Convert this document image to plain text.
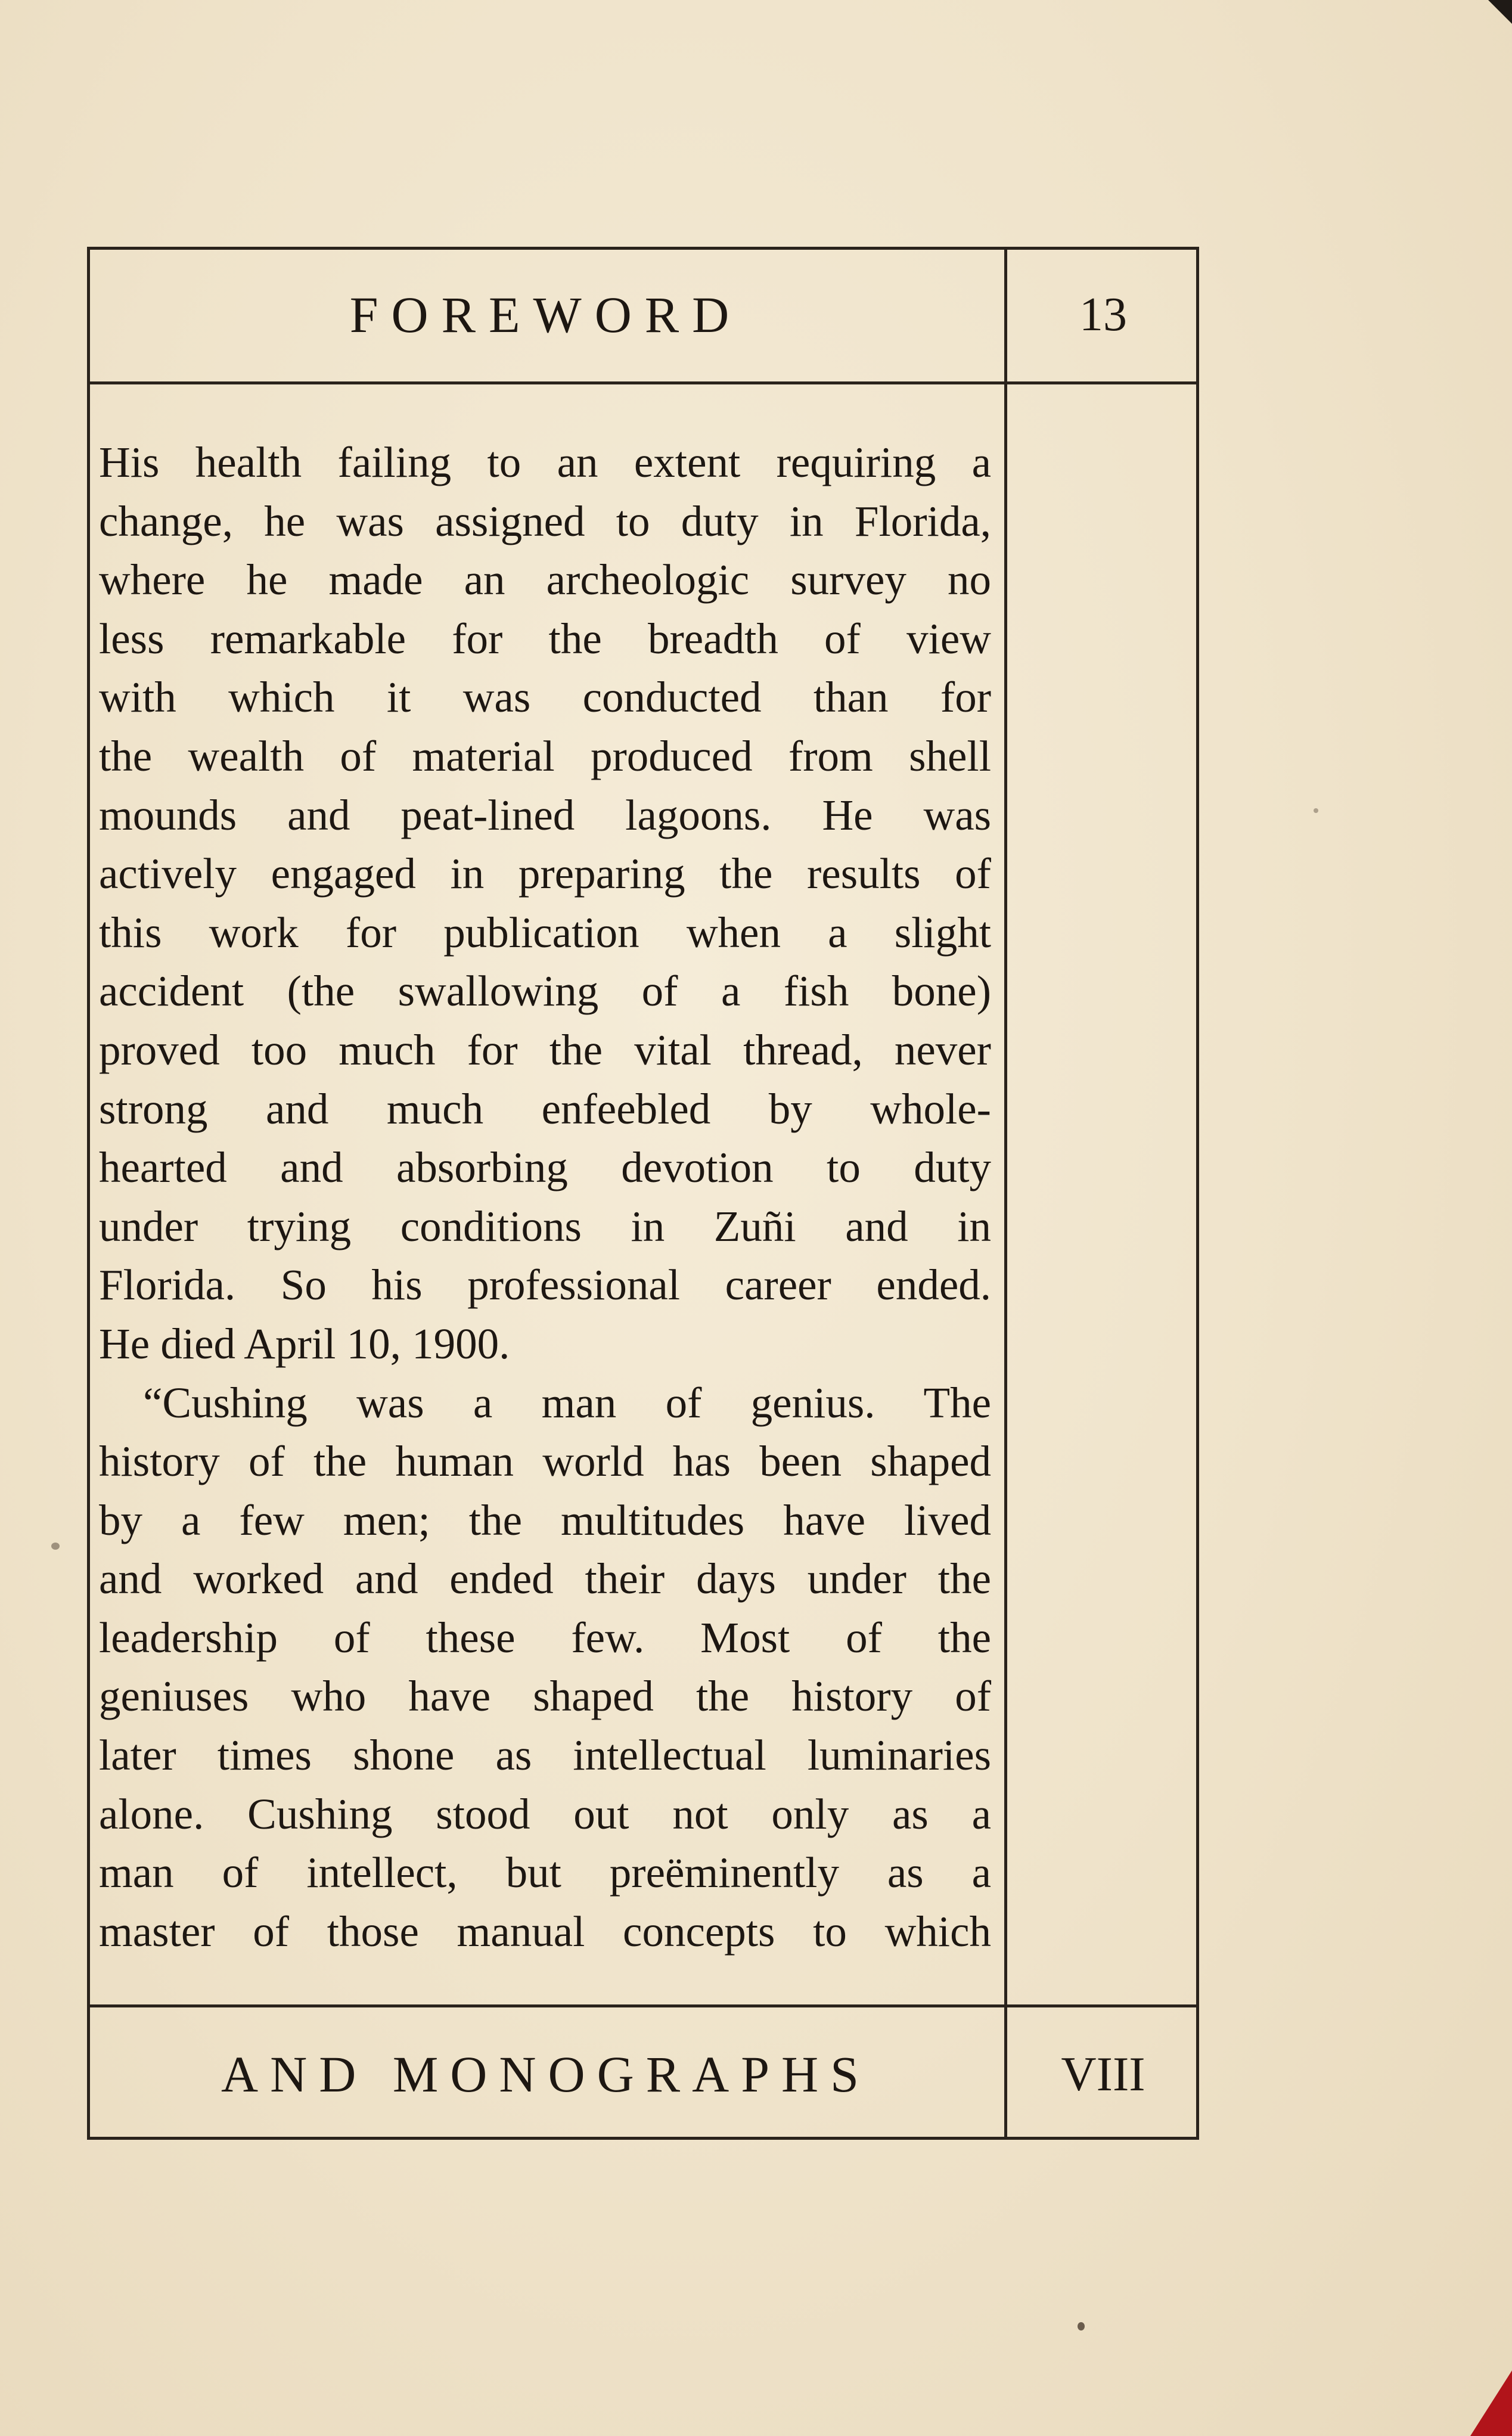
FOREWORD	13
His health failing to an extent requiring a
change, he was assigned to duty in Florida,
where he made an archeologic survey no
less remarkable for the breadth of view
with which it was conducted than for
the wealth of material produced from shell
mounds and peat-lined lagoons. He was
actively engaged in preparing the results of
this work for publication when a slight
accident (the swallowing of a fish bone)
proved too much for the vital thread, never
strong and much enfeebled by whole-
hearted and absorbing devotion to duty
under trying conditions in Zuñi and in
Florida. So his professional career ended.
He died April 10, 1900.
“Cushing was a man of genius. The
history of the human world has been shaped
by a few men; the multitudes have lived
and worked and ended their days under the
leadership of these few. Most of the
geniuses who have shaped the history of
later times shone as intellectual luminaries
alone. Cushing stood out not only as a
man of intellect, but preëminently as a
master of those manual concepts to which
AND MONOGRAPHS	VIII
